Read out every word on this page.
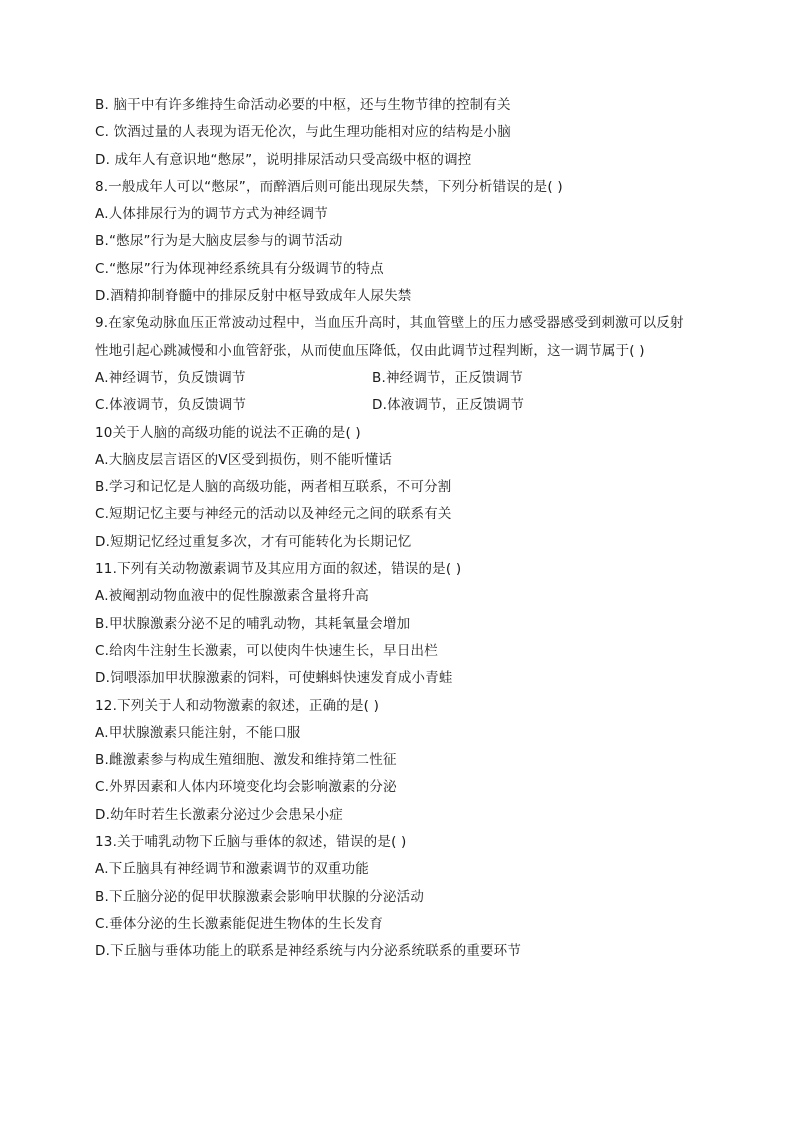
B. 脑干中有许多维持生命活动必要的中枢，还与生物节律的控制有关
C. 饮酒过量的人表现为语无伦次，与此生理功能相对应的结构是小脑
D. 成年人有意识地“憋尿”，说明排尿活动只受高级中枢的调控
8.一般成年人可以“憋尿”，而醉酒后则可能出现尿失禁，下列分析错误的是( )
A.人体排尿行为的调节方式为神经调节
B.“憋尿”行为是大脑皮层参与的调节活动
C.“憋尿”行为体现神经系统具有分级调节的特点
D.酒精抑制脊髓中的排尿反射中枢导致成年人尿失禁
9.在家兔动脉血压正常波动过程中，当血压升高时，其血管壁上的压力感受器感受到刺激可以反射
性地引起心跳减慢和小血管舒张，从而使血压降低，仅由此调节过程判断，这一调节属于( )
A.神经调节，负反馈调节	B.神经调节，正反馈调节
C.体液调节，负反馈调节	D.体液调节，正反馈调节
10关于人脑的高级功能的说法不正确的是( )
A.大脑皮层言语区的Ⅴ区受到损伤，则不能听懂话
B.学习和记忆是人脑的高级功能，两者相互联系，不可分割
C.短期记忆主要与神经元的活动以及神经元之间的联系有关
D.短期记忆经过重复多次，才有可能转化为长期记忆
11.下列有关动物激素调节及其应用方面的叙述，错误的是( )
A.被阉割动物血液中的促性腺激素含量将升高
B.甲状腺激素分泌不足的哺乳动物，其耗氧量会增加
C.给肉牛注射生长激素，可以使肉牛快速生长，早日出栏
D.饲喂添加甲状腺激素的饲料，可使蝌蚪快速发育成小青蛙
12.下列关于人和动物激素的叙述，正确的是( )
A.甲状腺激素只能注射，不能口服
B.雌激素参与构成生殖细胞、激发和维持第二性征
C.外界因素和人体内环境变化均会影响激素的分泌
D.幼年时若生长激素分泌过少会患呆小症
13.关于哺乳动物下丘脑与垂体的叙述，错误的是( )
A.下丘脑具有神经调节和激素调节的双重功能
B.下丘脑分泌的促甲状腺激素会影响甲状腺的分泌活动
C.垂体分泌的生长激素能促进生物体的生长发育
D.下丘脑与垂体功能上的联系是神经系统与内分泌系统联系的重要环节
